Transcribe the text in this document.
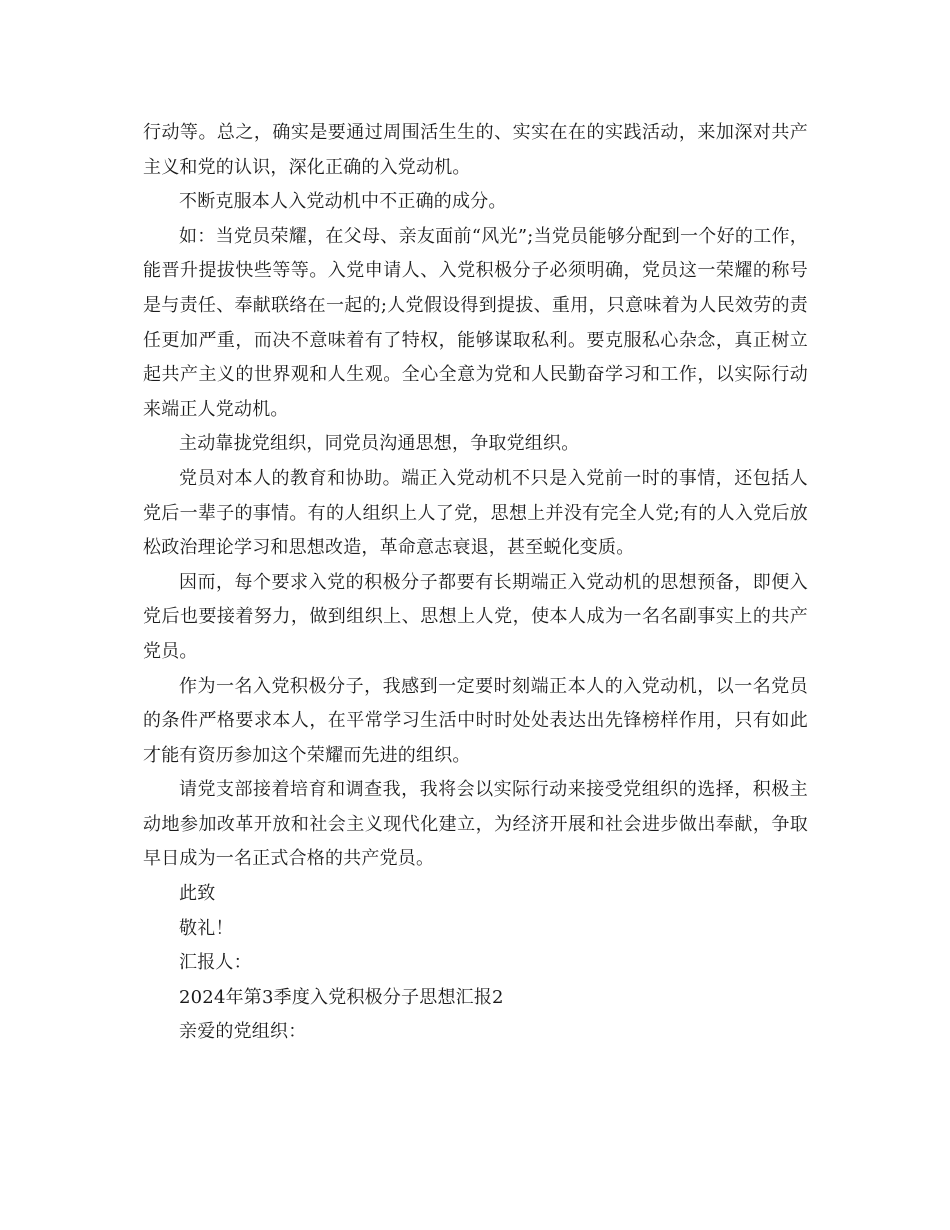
行动等。总之，确实是要通过周围活生生的、实实在在的实践活动，来加深对共产主义和党的认识，深化正确的入党动机。

不断克服本人入党动机中不正确的成分。

如：当党员荣耀，在父母、亲友面前“风光”;当党员能够分配到一个好的工作，能晋升提拔快些等等。入党申请人、入党积极分子必须明确，党员这一荣耀的称号是与责任、奉献联络在一起的;人党假设得到提拔、重用，只意味着为人民效劳的责任更加严重，而决不意味着有了特权，能够谋取私利。要克服私心杂念，真正树立起共产主义的世界观和人生观。全心全意为党和人民勤奋学习和工作，以实际行动来端正人党动机。

主动靠拢党组织，同党员沟通思想，争取党组织。

党员对本人的教育和协助。端正入党动机不只是入党前一时的事情，还包括人党后一辈子的事情。有的人组织上人了党，思想上并没有完全人党;有的人入党后放松政治理论学习和思想改造，革命意志衰退，甚至蜕化变质。

因而，每个要求入党的积极分子都要有长期端正入党动机的思想预备，即便入党后也要接着努力，做到组织上、思想上人党，使本人成为一名名副事实上的共产党员。

作为一名入党积极分子，我感到一定要时刻端正本人的入党动机，以一名党员的条件严格要求本人，在平常学习生活中时时处处表达出先锋榜样作用，只有如此才能有资历参加这个荣耀而先进的组织。

请党支部接着培育和调查我，我将会以实际行动来接受党组织的选择，积极主动地参加改革开放和社会主义现代化建立，为经济开展和社会进步做出奉献，争取早日成为一名正式合格的共产党员。

此致

敬礼！

汇报人：

2024年第3季度入党积极分子思想汇报2

亲爱的党组织：
